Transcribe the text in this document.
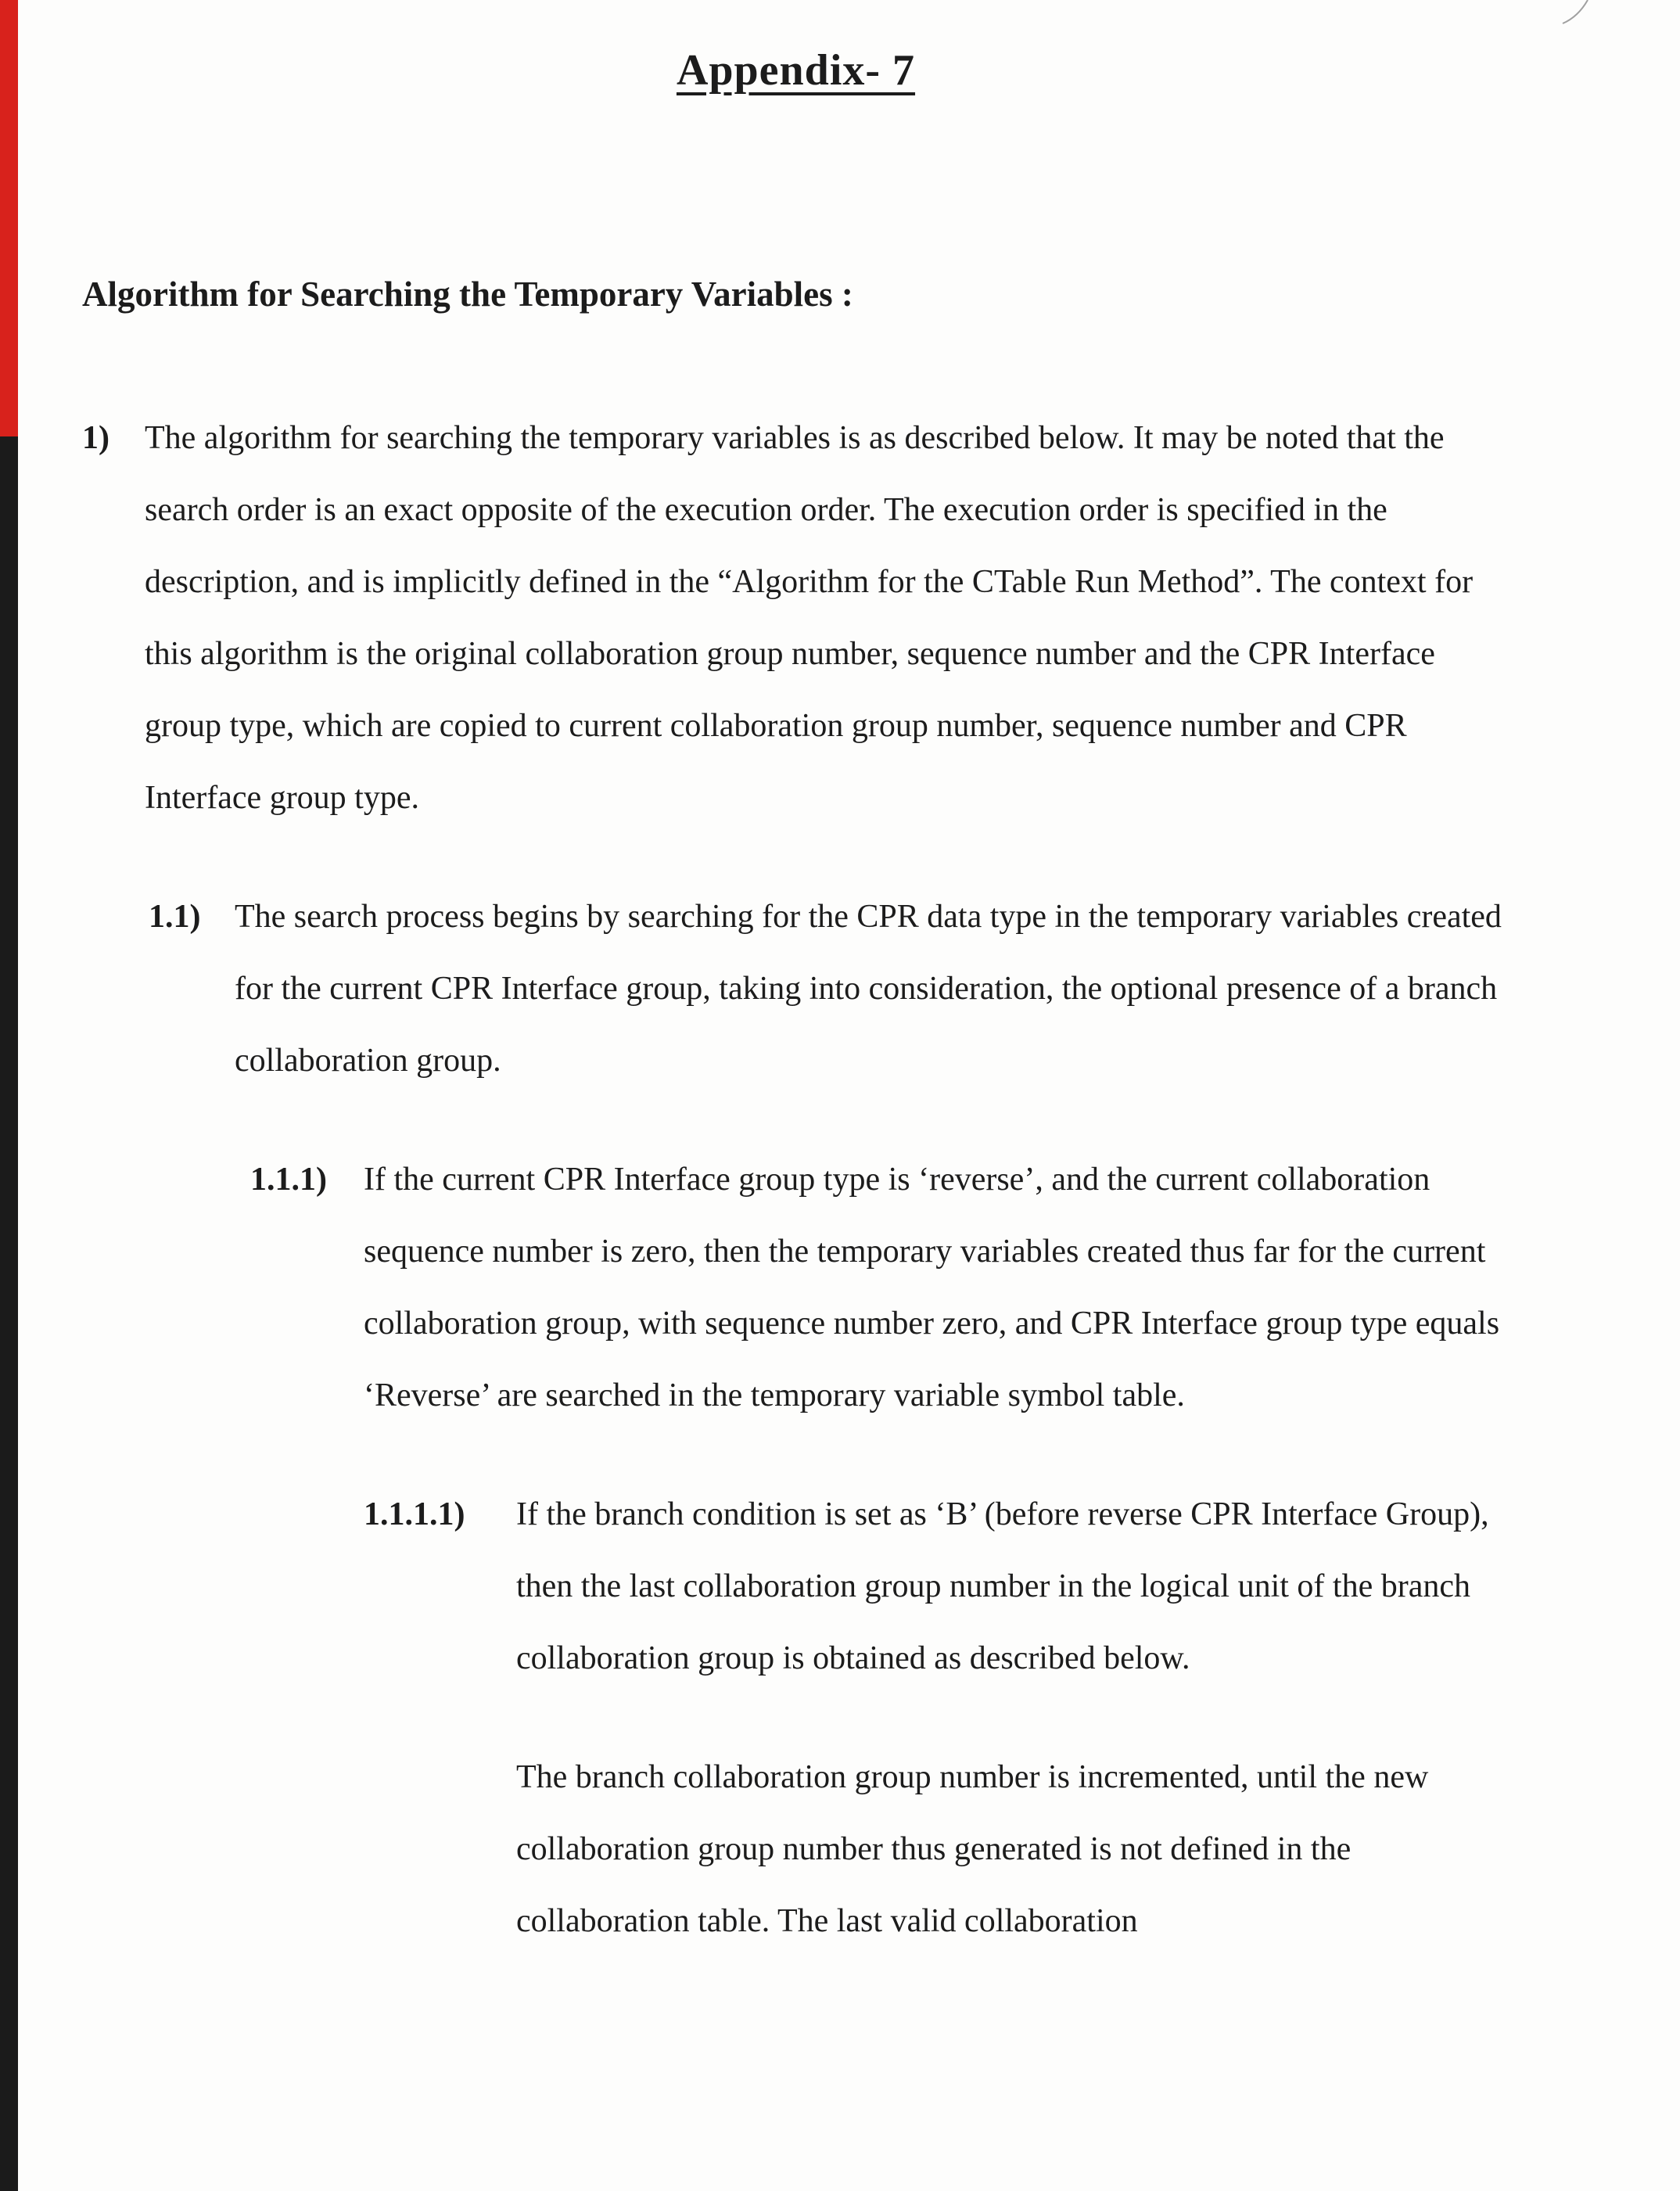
Appendix- 7
Algorithm for Searching the Temporary Variables :
1) The algorithm for searching the temporary variables is as described below. It may be noted that the search order is an exact opposite of the execution order. The execution order is specified in the description, and is implicitly defined in the “Algorithm for the CTable Run Method”. The context for this algorithm is the original collaboration group number, sequence number and the CPR Interface group type, which are copied to current collaboration group number, sequence number and CPR Interface group type.
1.1) The search process begins by searching for the CPR data type in the temporary variables created for the current CPR Interface group, taking into consideration, the optional presence of a branch collaboration group.
1.1.1) If the current CPR Interface group type is ‘reverse’, and the current collaboration sequence number is zero, then the temporary variables created thus far for the current collaboration group, with sequence number zero, and CPR Interface group type equals ‘Reverse’ are searched in the temporary variable symbol table.
1.1.1.1) If the branch condition is set as ‘B’ (before reverse CPR Interface Group), then the last collaboration group number in the logical unit of the branch collaboration group is obtained as described below.
The branch collaboration group number is incremented, until the new collaboration group number thus generated is not defined in the collaboration table. The last valid collaboration
